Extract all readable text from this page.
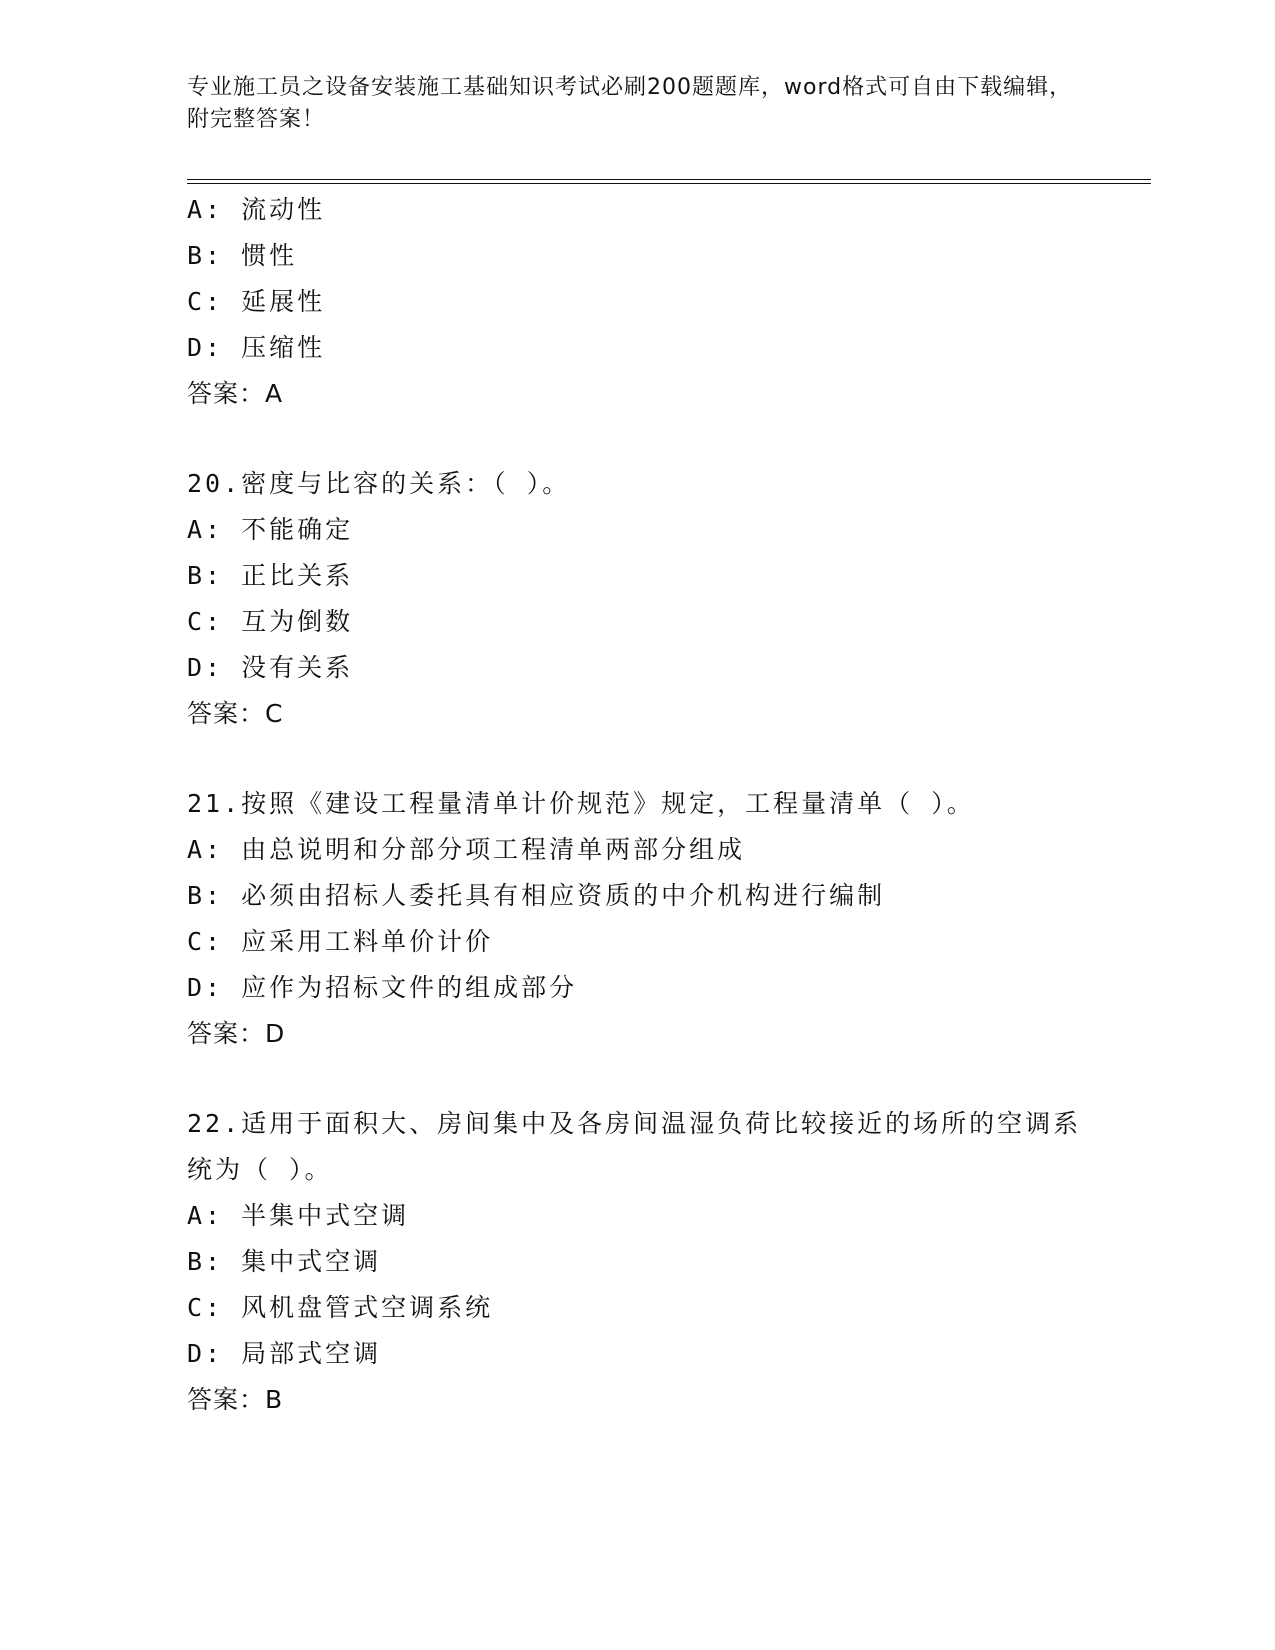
专业施工员之设备安装施工基础知识考试必刷200题题库，word格式可自由下载编辑，附完整答案！
A: 流动性
B: 惯性
C: 延展性
D: 压缩性
答案：A
20.密度与比容的关系：（ ）。
A: 不能确定
B: 正比关系
C: 互为倒数
D: 没有关系
答案：C
21.按照《建设工程量清单计价规范》规定，工程量清单（ ）。
A: 由总说明和分部分项工程清单两部分组成
B: 必须由招标人委托具有相应资质的中介机构进行编制
C: 应采用工料单价计价
D: 应作为招标文件的组成部分
答案：D
22.适用于面积大、房间集中及各房间温湿负荷比较接近的场所的空调系统为（ ）。
A: 半集中式空调
B: 集中式空调
C: 风机盘管式空调系统
D: 局部式空调
答案：B
